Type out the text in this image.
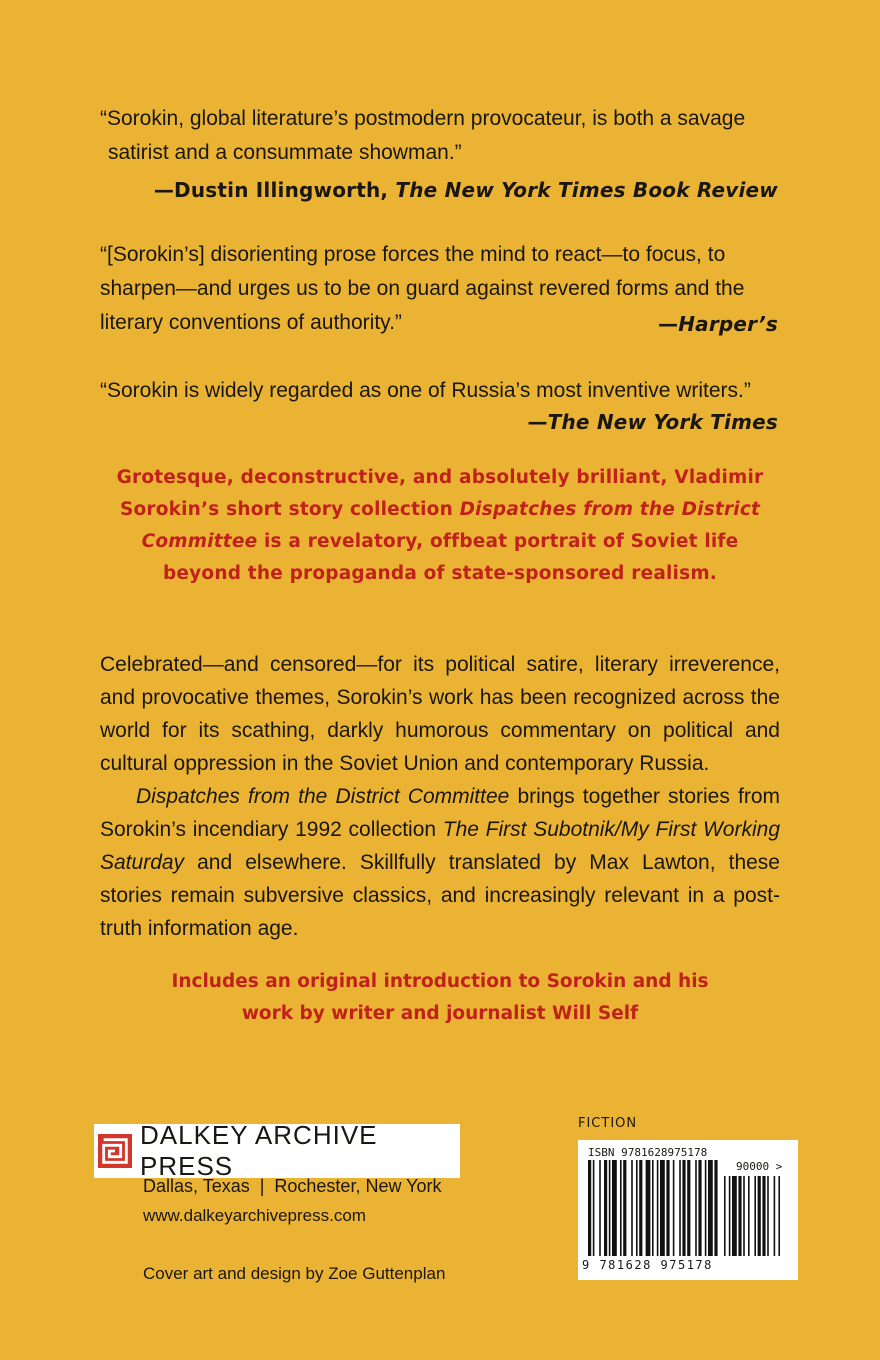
“Sorokin, global literature’s postmodern provocateur, is both a savage
satirist and a consummate showman.”
—Dustin Illingworth, The New York Times Book Review
“[Sorokin’s] disorienting prose forces the mind to react—to focus, to
sharpen—and urges us to be on guard against revered forms and the
literary conventions of authority.”	—Harper’s
“Sorokin is widely regarded as one of Russia’s most inventive writers.”
—The New York Times
Grotesque, deconstructive, and absolutely brilliant, Vladimir Sorokin’s short story collection Dispatches from the District Committee is a revelatory, offbeat portrait of Soviet life beyond the propaganda of state-sponsored realism.

Celebrated—and censored—for its political satire, literary irreverence, and provocative themes, Sorokin’s work has been recognized across the world for its scathing, darkly humorous commentary on political and cultural oppression in the Soviet Union and contemporary Russia.

Dispatches from the District Committee brings together stories from Sorokin’s incendiary 1992 collection The First Subotnik/My First Working Saturday and elsewhere. Skillfully translated by Max Lawton, these stories remain subversive classics, and increasingly relevant in a post-truth information age.

Includes an original introduction to Sorokin and his
work by writer and journalist Will Self
DALKEY ARCHIVE PRESS
Dallas, Texas  |  Rochester, New York
www.dalkeyarchivepress.com
Cover art and design by Zoe Guttenplan
FICTION
ISBN 9781628975178
90000 >
9 781628 975178
